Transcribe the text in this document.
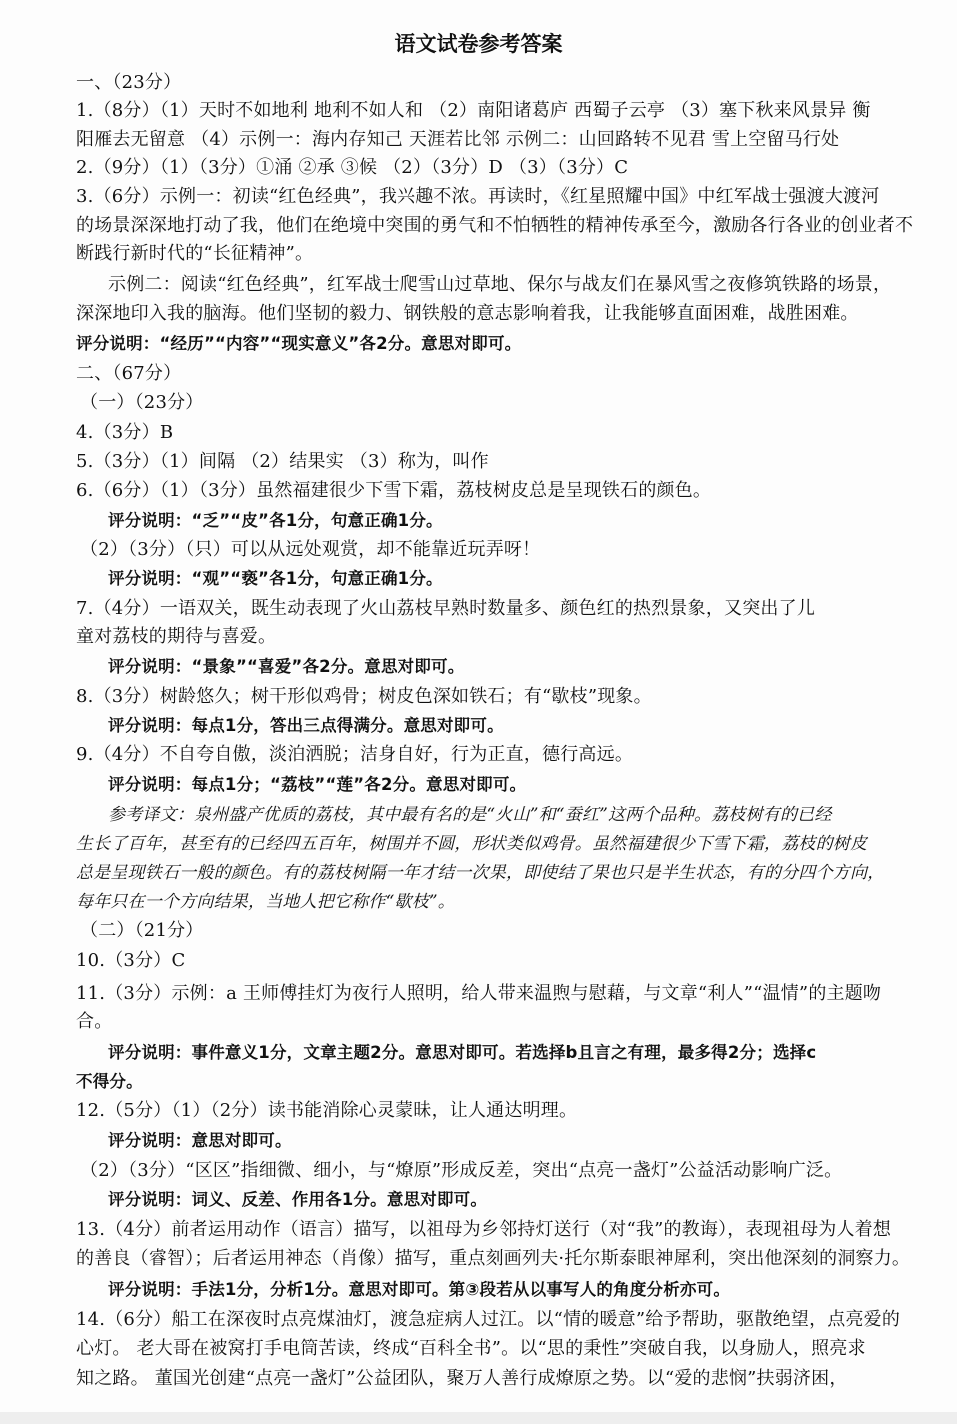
语文试卷参考答案
一、（23分）
1.（8分）（1）天时不如地利 地利不如人和 （2）南阳诸葛庐 西蜀子云亭 （3）塞下秋来风景异 衡
阳雁去无留意 （4）示例一：海内存知己 天涯若比邻 示例二：山回路转不见君 雪上空留马行处
2.（9分）（1）（3分）①涌 ②承 ③候 （2）（3分）D （3）（3分）C
3.（6分）示例一：初读“红色经典”，我兴趣不浓。再读时，《红星照耀中国》中红军战士强渡大渡河
的场景深深地打动了我，他们在绝境中突围的勇气和不怕牺牲的精神传承至今，激励各行各业的创业者不
断践行新时代的“长征精神”。
示例二：阅读“红色经典”，红军战士爬雪山过草地、保尔与战友们在暴风雪之夜修筑铁路的场景，
深深地印入我的脑海。他们坚韧的毅力、钢铁般的意志影响着我，让我能够直面困难，战胜困难。
评分说明：“经历”“内容”“现实意义”各2分。意思对即可。
二、（67分）
（一）（23分）
4.（3分）B
5.（3分）（1）间隔 （2）结果实 （3）称为，叫作
6.（6分）（1）（3分）虽然福建很少下雪下霜，荔枝树皮总是呈现铁石的颜色。
评分说明：“乏”“皮”各1分，句意正确1分。
（2）（3分）（只）可以从远处观赏，却不能靠近玩弄呀！
评分说明：“观”“亵”各1分，句意正确1分。
7.（4分）一语双关，既生动表现了火山荔枝早熟时数量多、颜色红的热烈景象，又突出了儿
童对荔枝的期待与喜爱。
评分说明：“景象”“喜爱”各2分。意思对即可。
8.（3分）树龄悠久；树干形似鸡骨；树皮色深如铁石；有“歇枝”现象。
评分说明：每点1分，答出三点得满分。意思对即可。
9.（4分）不自夸自傲，淡泊洒脱；洁身自好，行为正直，德行高远。
评分说明：每点1分；“荔枝”“莲”各2分。意思对即可。
参考译文：泉州盛产优质的荔枝，其中最有名的是“火山”和“蚕红”这两个品种。荔枝树有的已经
生长了百年，甚至有的已经四五百年，树围并不圆，形状类似鸡骨。虽然福建很少下雪下霜，荔枝的树皮
总是呈现铁石一般的颜色。有的荔枝树隔一年才结一次果，即使结了果也只是半生状态，有的分四个方向，
每年只在一个方向结果，当地人把它称作“歇枝”。
（二）（21分）
10.（3分）C
11.（3分）示例：a 王师傅挂灯为夜行人照明，给人带来温煦与慰藉，与文章“利人”“温情”的主题吻
合。
评分说明：事件意义1分，文章主题2分。意思对即可。若选择b且言之有理，最多得2分；选择c
不得分。
12.（5分）（1）（2分）读书能消除心灵蒙昧，让人通达明理。
评分说明：意思对即可。
（2）（3分）“区区”指细微、细小，与“燎原”形成反差，突出“点亮一盏灯”公益活动影响广泛。
评分说明：词义、反差、作用各1分。意思对即可。
13.（4分）前者运用动作（语言）描写，以祖母为乡邻持灯送行（对“我”的教诲），表现祖母为人着想
的善良（睿智）；后者运用神态（肖像）描写，重点刻画列夫·托尔斯泰眼神犀利，突出他深刻的洞察力。
评分说明：手法1分，分析1分。意思对即可。第③段若从以事写人的角度分析亦可。
14.（6分）船工在深夜时点亮煤油灯，渡急症病人过江。以“情的暖意”给予帮助，驱散绝望，点亮爱的
心灯。 老大哥在被窝打手电筒苦读，终成“百科全书”。以“思的秉性”突破自我，以身励人，照亮求
知之路。 董国光创建“点亮一盏灯”公益团队，聚万人善行成燎原之势。以“爱的悲悯”扶弱济困，
